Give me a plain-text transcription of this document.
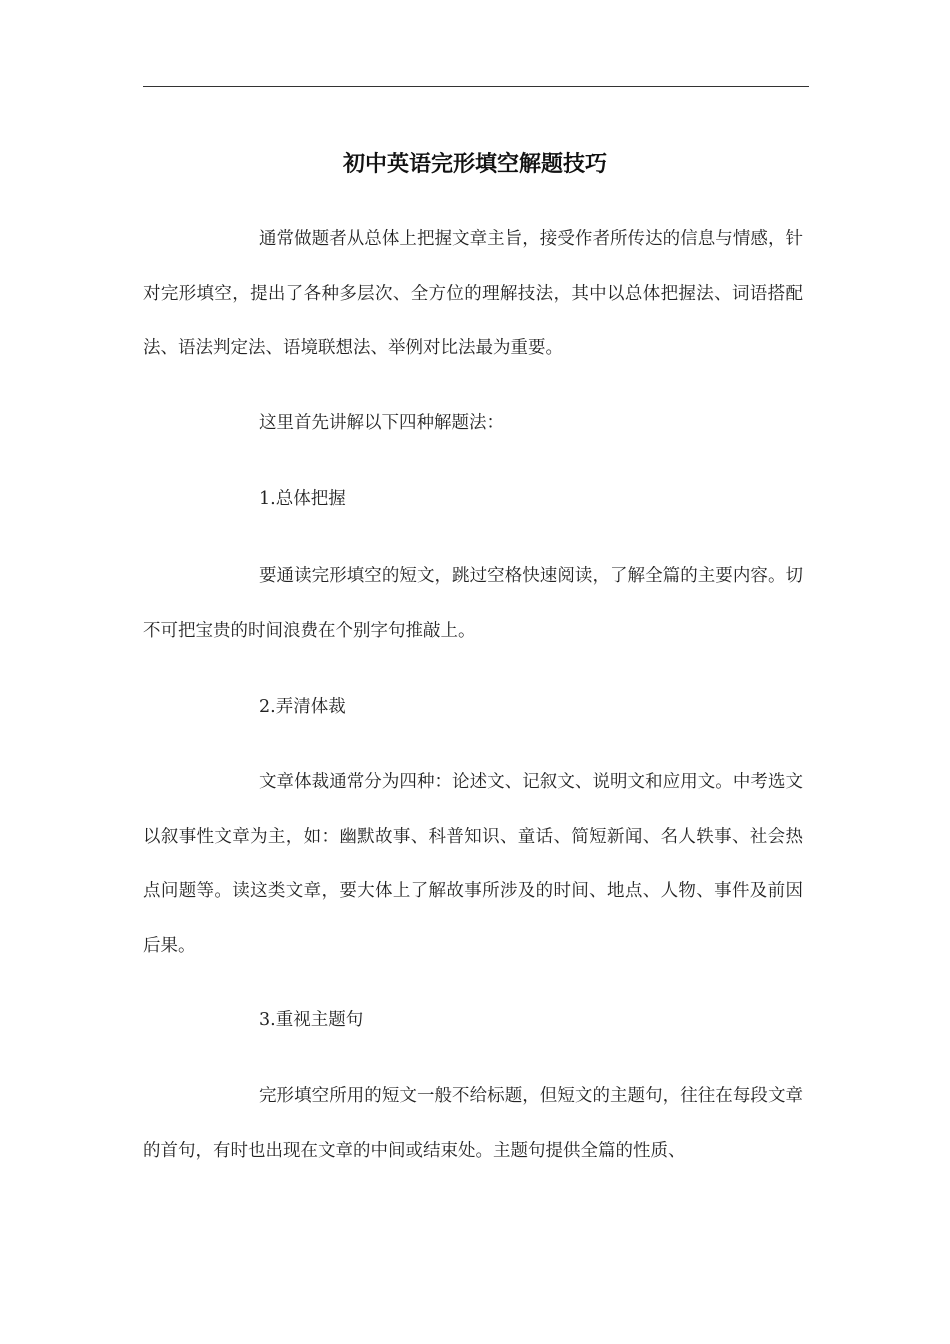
初中英语完形填空解题技巧

通常做题者从总体上把握文章主旨，接受作者所传达的信息与情感，针对完形填空，提出了各种多层次、全方位的理解技法，其中以总体把握法、词语搭配法、语法判定法、语境联想法、举例对比法最为重要。

这里首先讲解以下四种解题法：

1.总体把握

要通读完形填空的短文，跳过空格快速阅读，了解全篇的主要内容。切不可把宝贵的时间浪费在个别字句推敲上。

2.弄清体裁

文章体裁通常分为四种：论述文、记叙文、说明文和应用文。中考选文以叙事性文章为主，如：幽默故事、科普知识、童话、简短新闻、名人轶事、社会热点问题等。读这类文章，要大体上了解故事所涉及的时间、地点、人物、事件及前因后果。

3.重视主题句

完形填空所用的短文一般不给标题，但短文的主题句，往往在每段文章的首句，有时也出现在文章的中间或结束处。主题句提供全篇的性质、
